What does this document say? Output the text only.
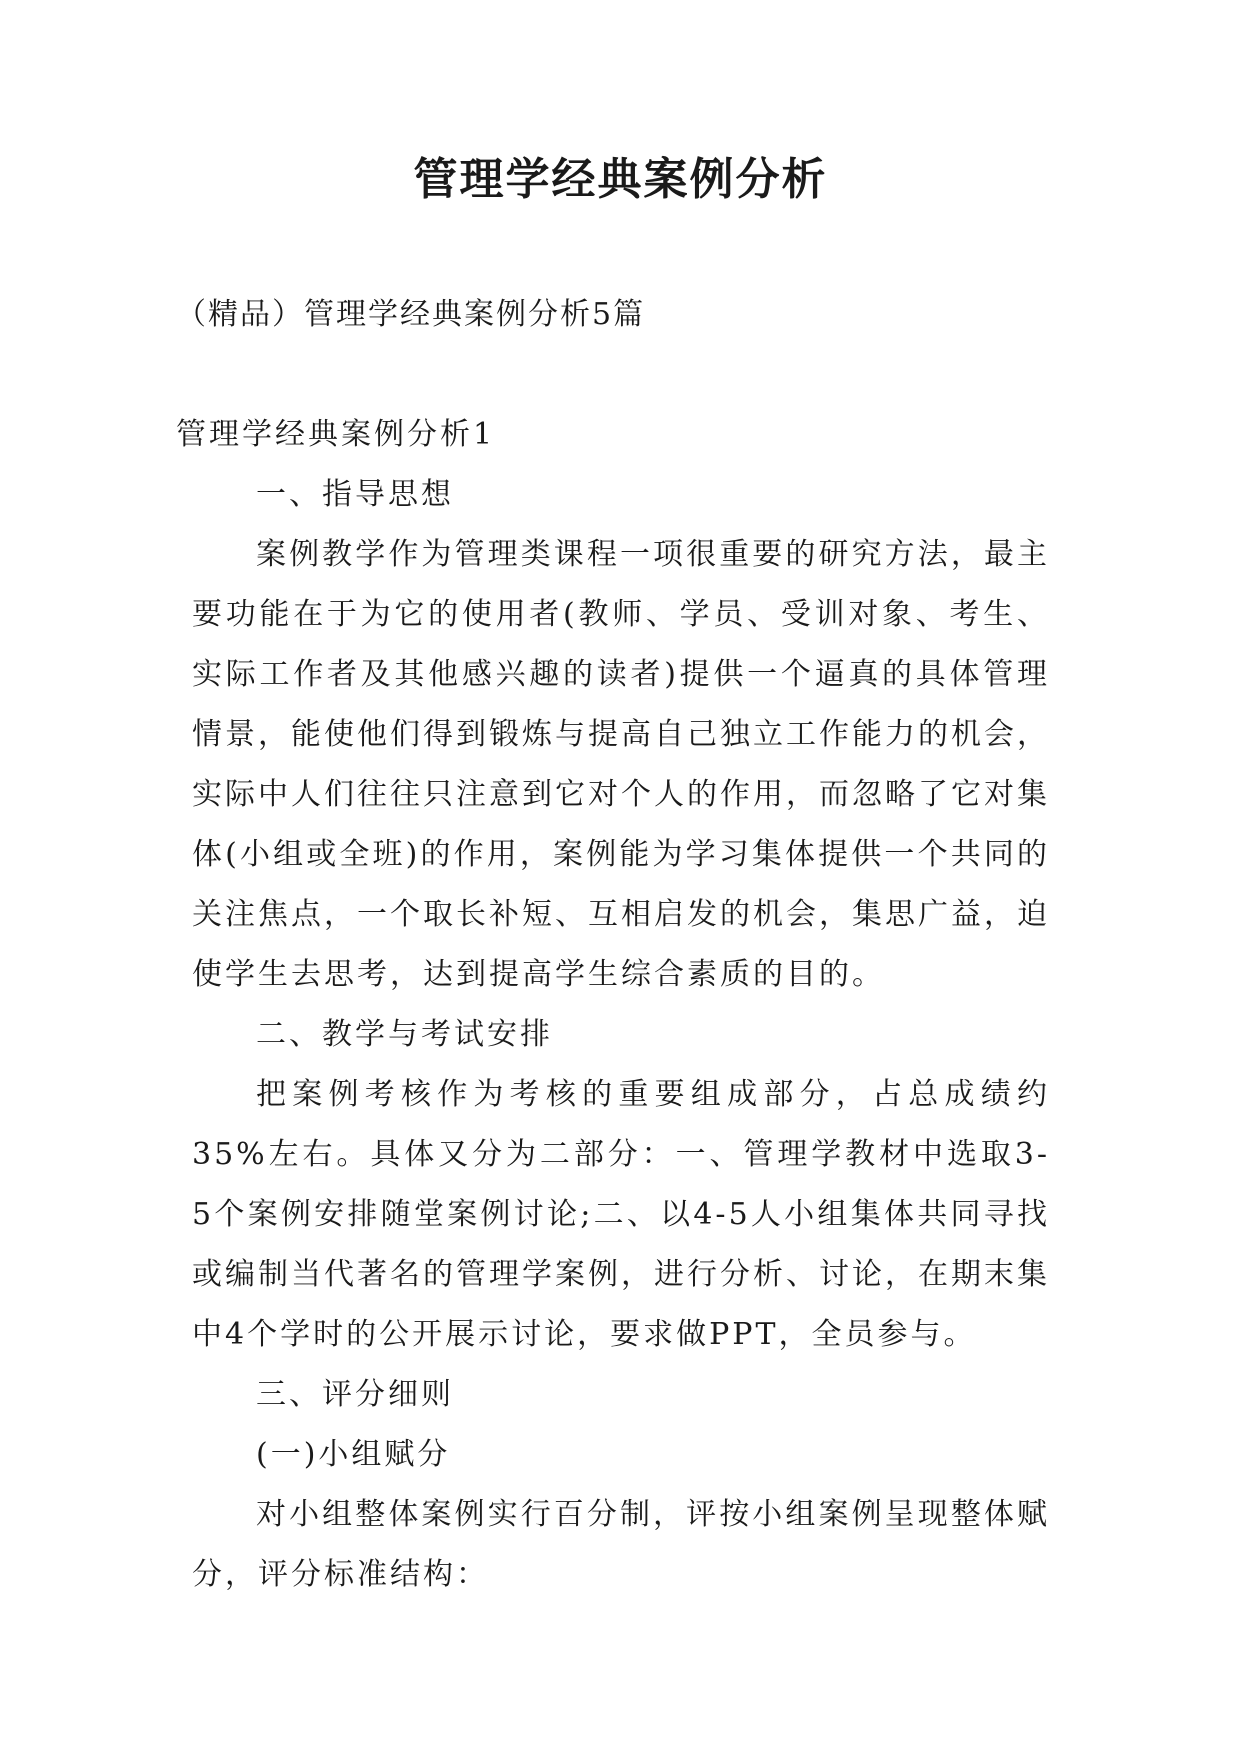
管理学经典案例分析

（精品）管理学经典案例分析5篇

管理学经典案例分析1

一、指导思想

案例教学作为管理类课程一项很重要的研究方法，最主要功能在于为它的使用者(教师、学员、受训对象、考生、实际工作者及其他感兴趣的读者)提供一个逼真的具体管理情景，能使他们得到锻炼与提高自己独立工作能力的机会，实际中人们往往只注意到它对个人的作用，而忽略了它对集体(小组或全班)的作用，案例能为学习集体提供一个共同的关注焦点，一个取长补短、互相启发的机会，集思广益，迫使学生去思考，达到提高学生综合素质的目的。

二、教学与考试安排

把案例考核作为考核的重要组成部分，占总成绩约35%左右。具体又分为二部分：一、管理学教材中选取3-5个案例安排随堂案例讨论;二、以4-5人小组集体共同寻找或编制当代著名的管理学案例，进行分析、讨论，在期末集中4个学时的公开展示讨论，要求做PPT，全员参与。

三、评分细则

(一)小组赋分

对小组整体案例实行百分制，评按小组案例呈现整体赋分，评分标准结构：
